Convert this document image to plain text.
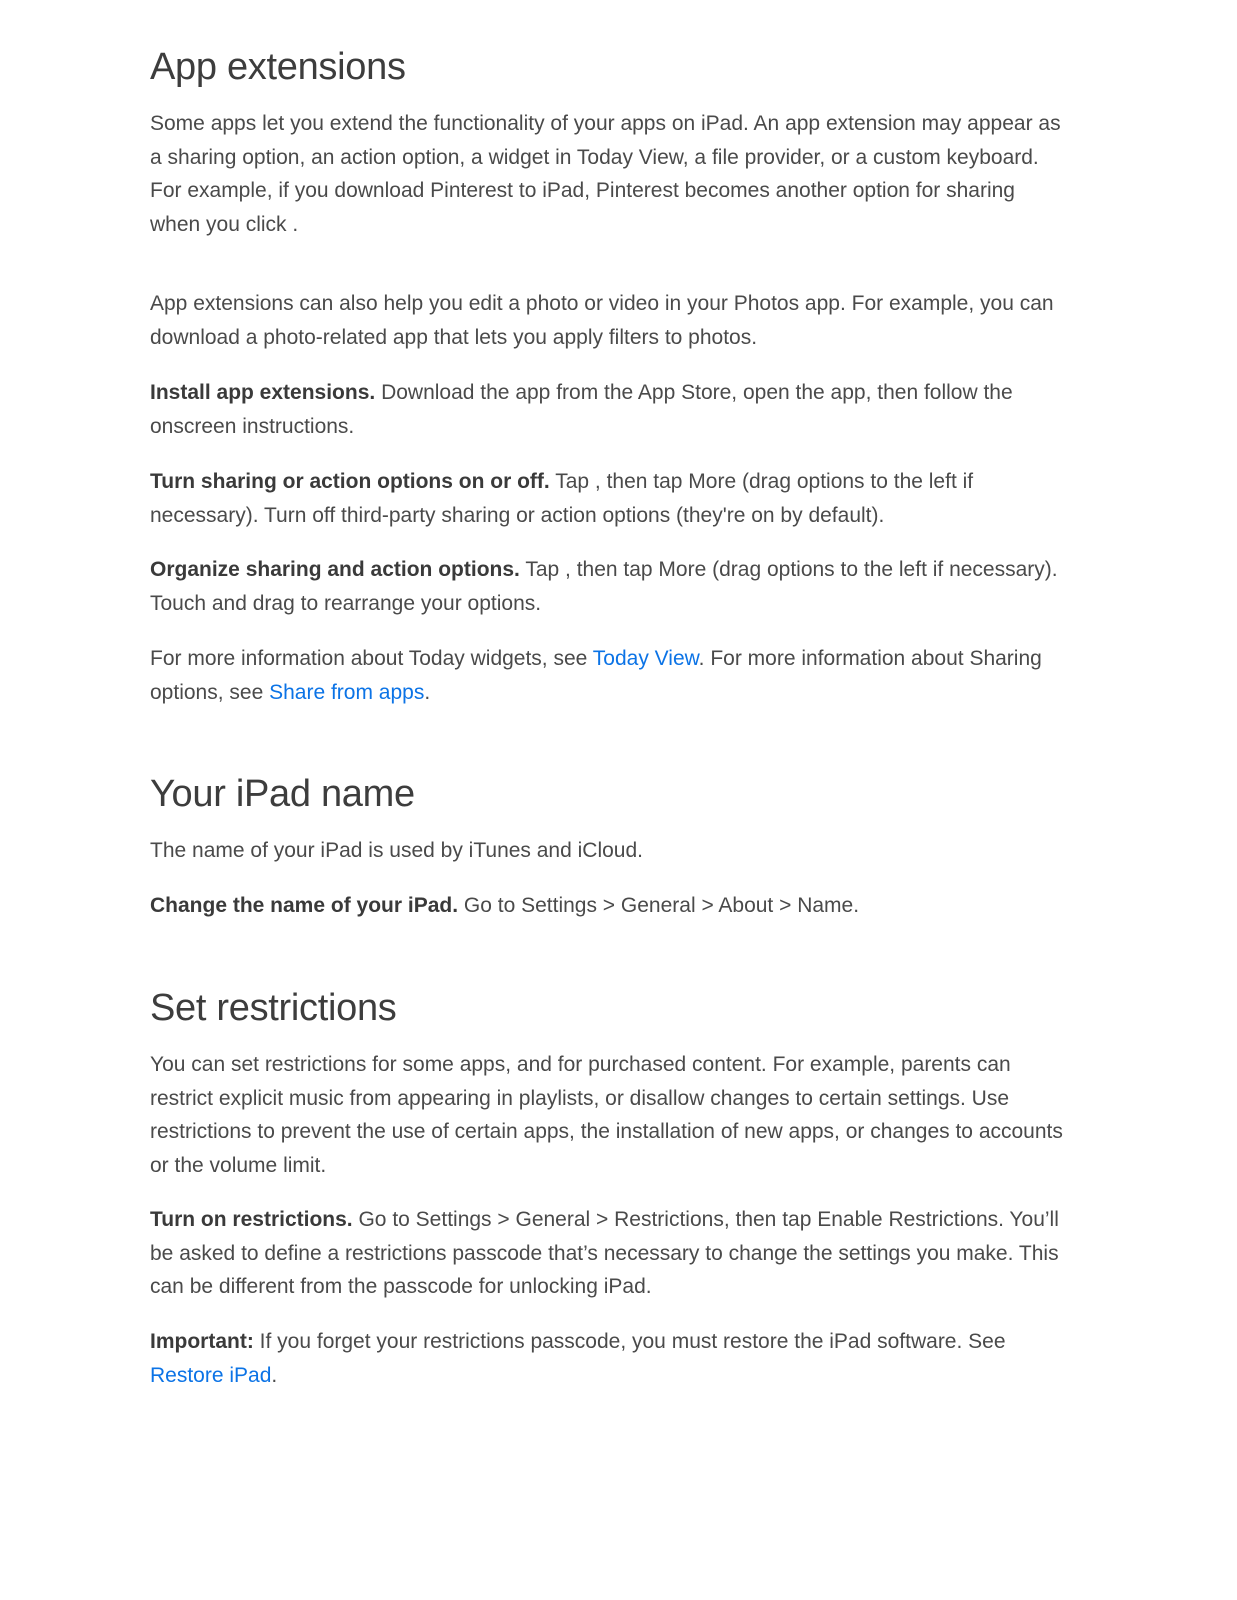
App extensions

Some apps let you extend the functionality of your apps on iPad. An app extension may appear as a sharing option, an action option, a widget in Today View, a file provider, or a custom keyboard. For example, if you download Pinterest to iPad, Pinterest becomes another option for sharing when you click .

App extensions can also help you edit a photo or video in your Photos app. For example, you can download a photo-related app that lets you apply filters to photos.

Install app extensions. Download the app from the App Store, open the app, then follow the onscreen instructions.

Turn sharing or action options on or off. Tap , then tap More (drag options to the left if necessary). Turn off third-party sharing or action options (they're on by default).

Organize sharing and action options. Tap , then tap More (drag options to the left if necessary). Touch and drag to rearrange your options.

For more information about Today widgets, see Today View. For more information about Sharing options, see Share from apps.

Your iPad name

The name of your iPad is used by iTunes and iCloud.

Change the name of your iPad. Go to Settings > General > About > Name.

Set restrictions

You can set restrictions for some apps, and for purchased content. For example, parents can restrict explicit music from appearing in playlists, or disallow changes to certain settings. Use restrictions to prevent the use of certain apps, the installation of new apps, or changes to accounts or the volume limit.

Turn on restrictions. Go to Settings > General > Restrictions, then tap Enable Restrictions. You’ll be asked to define a restrictions passcode that’s necessary to change the settings you make. This can be different from the passcode for unlocking iPad.

Important: If you forget your restrictions passcode, you must restore the iPad software. See Restore iPad.
